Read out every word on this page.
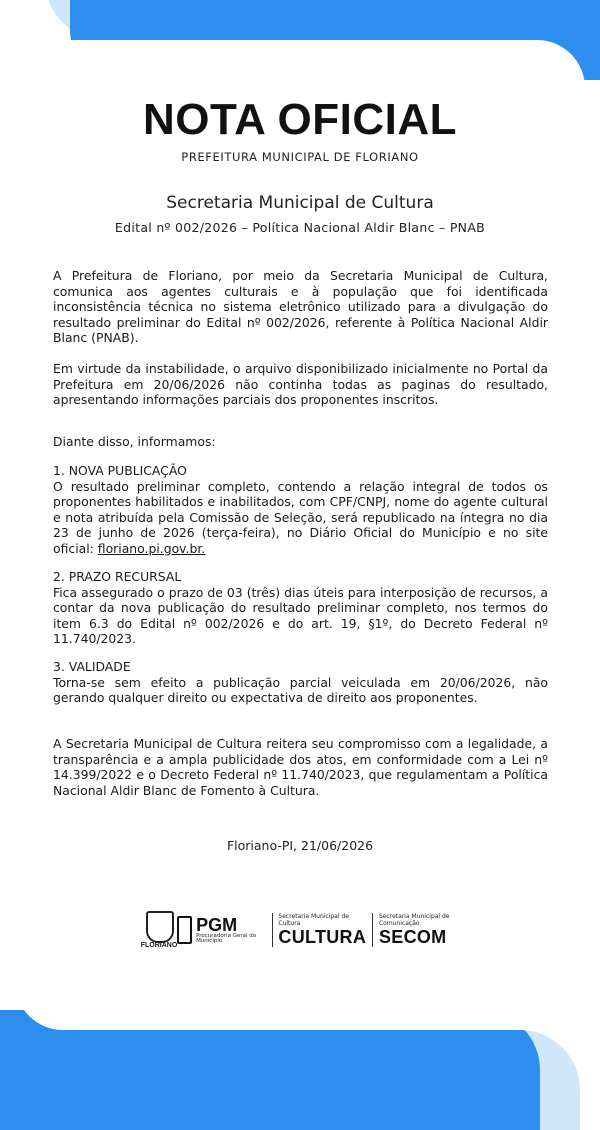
NOTA OFICIAL
PREFEITURA MUNICIPAL DE FLORIANO
Secretaria Municipal de Cultura
Edital nº 002/2026 – Política Nacional Aldir Blanc – PNAB

A Prefeitura de Floriano, por meio da Secretaria Municipal de Cultura, comunica aos agentes culturais e à população que foi identificada inconsistência técnica no sistema eletrônico utilizado para a divulgação do resultado preliminar do Edital nº 002/2026, referente à Política Nacional Aldir Blanc (PNAB).

Em virtude da instabilidade, o arquivo disponibilizado inicialmente no Portal da Prefeitura em 20/06/2026 não continha todas as paginas do resultado, apresentando informações parciais dos proponentes inscritos.

Diante disso, informamos:

1. NOVA PUBLICAÇÃO

O resultado preliminar completo, contendo a relação integral de todos os proponentes habilitados e inabilitados, com CPF/CNPJ, nome do agente cultural e nota atribuída pela Comissão de Seleção, será republicado na íntegra no dia 23 de junho de 2026 (terça-feira), no Diário Oficial do Município e no site oficial: floriano.pi.gov.br.

2. PRAZO RECURSAL

Fica assegurado o prazo de 03 (três) dias úteis para interposição de recursos, a contar da nova publicação do resultado preliminar completo, nos termos do item 6.3 do Edital nº 002/2026 e do art. 19, §1º, do Decreto Federal nº 11.740/2023.

3. VALIDADE

Torna-se sem efeito a publicação parcial veiculada em 20/06/2026, não gerando qualquer direito ou expectativa de direito aos proponentes.

A Secretaria Municipal de Cultura reitera seu compromisso com a legalidade, a transparência e a ampla publicidade dos atos, em conformidade com a Lei nº 14.399/2022 e o Decreto Federal nº 11.740/2023, que regulamentam a Política Nacional Aldir Blanc de Fomento à Cultura.

Floriano-PI, 21/06/2026
FLORIANO
PGM
Procuradoria Geral do Município
Secretaria Municipal de Cultura
CULTURA
Secretaria Municipal de Comunicação
SECOM
